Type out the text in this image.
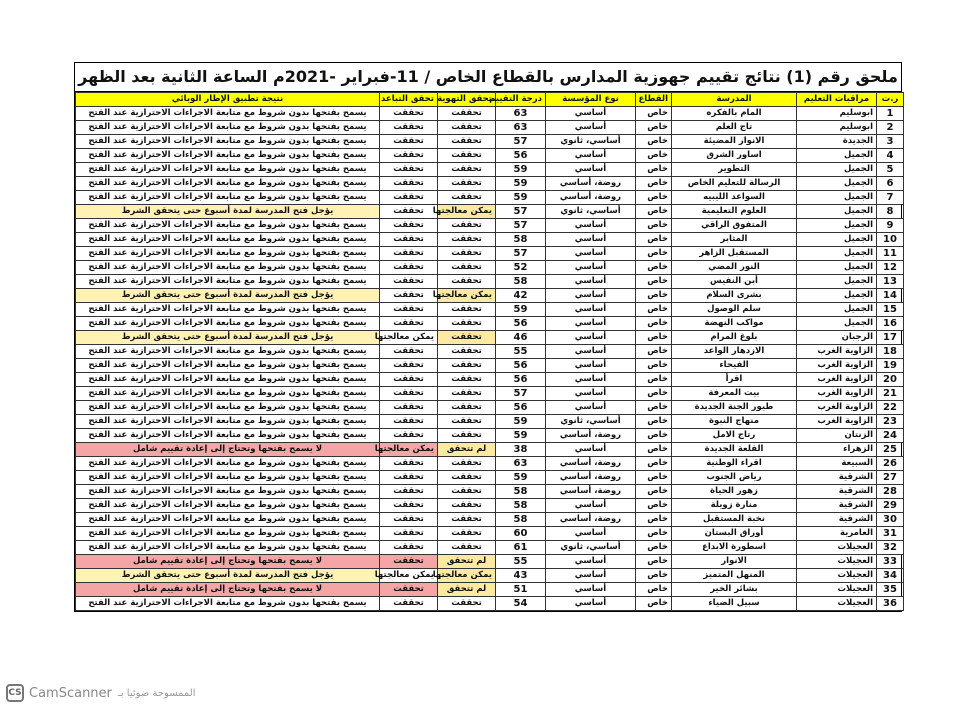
ملحق رقم (1) نتائج تقييم جهوزية المدارس بالقطاع الخاص / 11-فبراير -2021م الساعة الثانية بعد الظهر
ر.ت	مراقبات التعليم	المدرسة	القطاع	نوع المؤسسة	درجة التقييم	تحقق التهوية	تحقق التباعد	نتيجة تطبيق الإطار الوبائي
1	ابوسليم	المام بالفكره	خاص	أساسي	63	تحققت	تحققت	يسمح بفتحها بدون شروط مع متابعة الاجراءات الاحترازية عند الفتح
2	ابوسليم	تاج العلم	خاص	أساسي	63	تحققت	تحققت	يسمح بفتحها بدون شروط مع متابعة الاجراءات الاحترازية عند الفتح
3	الجديدة	الانوار المضيئة	خاص	أساسي، ثانوي	57	تحققت	تحققت	يسمح بفتحها بدون شروط مع متابعة الاجراءات الاحترازية عند الفتح
4	الجميل	اساور الشرق	خاص	أساسي	56	تحققت	تحققت	يسمح بفتحها بدون شروط مع متابعة الاجراءات الاحترازية عند الفتح
5	الجميل	التطوير	خاص	أساسي	59	تحققت	تحققت	يسمح بفتحها بدون شروط مع متابعة الاجراءات الاحترازية عند الفتح
6	الجميل	الرسالة للتعليم الخاص	خاص	روضة، أساسي	59	تحققت	تحققت	يسمح بفتحها بدون شروط مع متابعة الاجراءات الاحترازية عند الفتح
7	الجميل	السواعد الليبيه	خاص	روضة، أساسي	59	تحققت	تحققت	يسمح بفتحها بدون شروط مع متابعة الاجراءات الاحترازية عند الفتح
8	الجميل	العلوم التعليمية	خاص	أساسي، ثانوي	57	يمكن معالجتها	تحققت	يؤجل فتح المدرسة لمدة أسبوع حتى يتحقق الشرط
9	الجميل	المتفوق الراقي	خاص	أساسي	57	تحققت	تحققت	يسمح بفتحها بدون شروط مع متابعة الاجراءات الاحترازية عند الفتح
10	الجميل	المثابر	خاص	أساسي	58	تحققت	تحققت	يسمح بفتحها بدون شروط مع متابعة الاجراءات الاحترازية عند الفتح
11	الجميل	المستقبل الزاهر	خاص	أساسي	57	تحققت	تحققت	يسمح بفتحها بدون شروط مع متابعة الاجراءات الاحترازية عند الفتح
12	الجميل	النور المضي	خاص	أساسي	52	تحققت	تحققت	يسمح بفتحها بدون شروط مع متابعة الاجراءات الاحترازية عند الفتح
13	الجميل	أبن النفيس	خاص	أساسي	58	تحققت	تحققت	يسمح بفتحها بدون شروط مع متابعة الاجراءات الاحترازية عند الفتح
14	الجميل	بشرى السلام	خاص	أساسي	42	يمكن معالجتها	تحققت	يؤجل فتح المدرسة لمدة أسبوع حتى يتحقق الشرط
15	الجميل	سلم الوصول	خاص	أساسي	59	تحققت	تحققت	يسمح بفتحها بدون شروط مع متابعة الاجراءات الاحترازية عند الفتح
16	الجميل	مواكب النهضة	خاص	أساسي	56	تحققت	تحققت	يسمح بفتحها بدون شروط مع متابعة الاجراءات الاحترازية عند الفتح
17	الرجبان	بلوغ المرام	خاص	أساسي	46	تحققت	يمكن معالجتها	يؤجل فتح المدرسة لمدة أسبوع حتى يتحقق الشرط
18	الزاوية الغرب	الازدهار الواعد	خاص	أساسي	55	تحققت	تحققت	يسمح بفتحها بدون شروط مع متابعة الاجراءات الاحترازية عند الفتح
19	الزاوية الغرب	الفيحاء	خاص	أساسي	56	تحققت	تحققت	يسمح بفتحها بدون شروط مع متابعة الاجراءات الاحترازية عند الفتح
20	الزاوية الغرب	اقرأ	خاص	أساسي	56	تحققت	تحققت	يسمح بفتحها بدون شروط مع متابعة الاجراءات الاحترازية عند الفتح
21	الزاوية الغرب	بيت المعرفة	خاص	أساسي	57	تحققت	تحققت	يسمح بفتحها بدون شروط مع متابعة الاجراءات الاحترازية عند الفتح
22	الزاوية الغرب	طيور الجنة الجديدة	خاص	أساسي	56	تحققت	تحققت	يسمح بفتحها بدون شروط مع متابعة الاجراءات الاحترازية عند الفتح
23	الزاوية الغرب	منهاج النبوة	خاص	أساسي، ثانوي	59	تحققت	تحققت	يسمح بفتحها بدون شروط مع متابعة الاجراءات الاحترازية عند الفتح
24	الزنتان	رتاج الامل	خاص	روضة، أساسي	59	تحققت	تحققت	يسمح بفتحها بدون شروط مع متابعة الاجراءات الاحترازية عند الفتح
25	الزهراء	القلعة الجديدة	خاص	أساسي	38	لم تتحقق	يمكن معالجتها	لا يسمح بفتحها وتحتاج إلى إعادة تقييم شامل
26	السبيعة	اقراء الوطنية	خاص	روضة، أساسي	63	تحققت	تحققت	يسمح بفتحها بدون شروط مع متابعة الاجراءات الاحترازية عند الفتح
27	الشرقية	رياض الجنوب	خاص	روضة، أساسي	59	تحققت	تحققت	يسمح بفتحها بدون شروط مع متابعة الاجراءات الاحترازية عند الفتح
28	الشرقية	زهور الحياة	خاص	روضة، أساسي	58	تحققت	تحققت	يسمح بفتحها بدون شروط مع متابعة الاجراءات الاحترازية عند الفتح
29	الشرقية	منارة زويلة	خاص	أساسي	58	تحققت	تحققت	يسمح بفتحها بدون شروط مع متابعة الاجراءات الاحترازية عند الفتح
30	الشرقية	نخبة المستقبل	خاص	روضة، أساسي	58	تحققت	تحققت	يسمح بفتحها بدون شروط مع متابعة الاجراءات الاحترازية عند الفتح
31	العامرية	أوراق البستان	خاص	أساسي	60	تحققت	تحققت	يسمح بفتحها بدون شروط مع متابعة الاجراءات الاحترازية عند الفتح
32	العجيلات	اسطورة الابداع	خاص	أساسي، ثانوي	61	تحققت	تحققت	يسمح بفتحها بدون شروط مع متابعة الاجراءات الاحترازية عند الفتح
33	العجيلات	الانوار	خاص	أساسي	55	لم تتحقق	تحققت	لا يسمح بفتحها وتحتاج إلى إعادة تقييم شامل
34	العجيلات	المنهل المتميز	خاص	أساسي	43	يمكن معالجتها	يمكن معالجتها	يؤجل فتح المدرسة لمدة أسبوع حتى يتحقق الشرط
35	العجيلات	بشائر الخير	خاص	أساسي	51	لم تتحقق	تحققت	لا يسمح بفتحها وتحتاج إلى إعادة تقييم شامل
36	العجيلات	سبيل الضياء	خاص	أساسي	54	تحققت	تحققت	يسمح بفتحها بدون شروط مع متابعة الاجراءات الاحترازية عند الفتح
CS CamScanner الممسوحة ضوئيا بـ
